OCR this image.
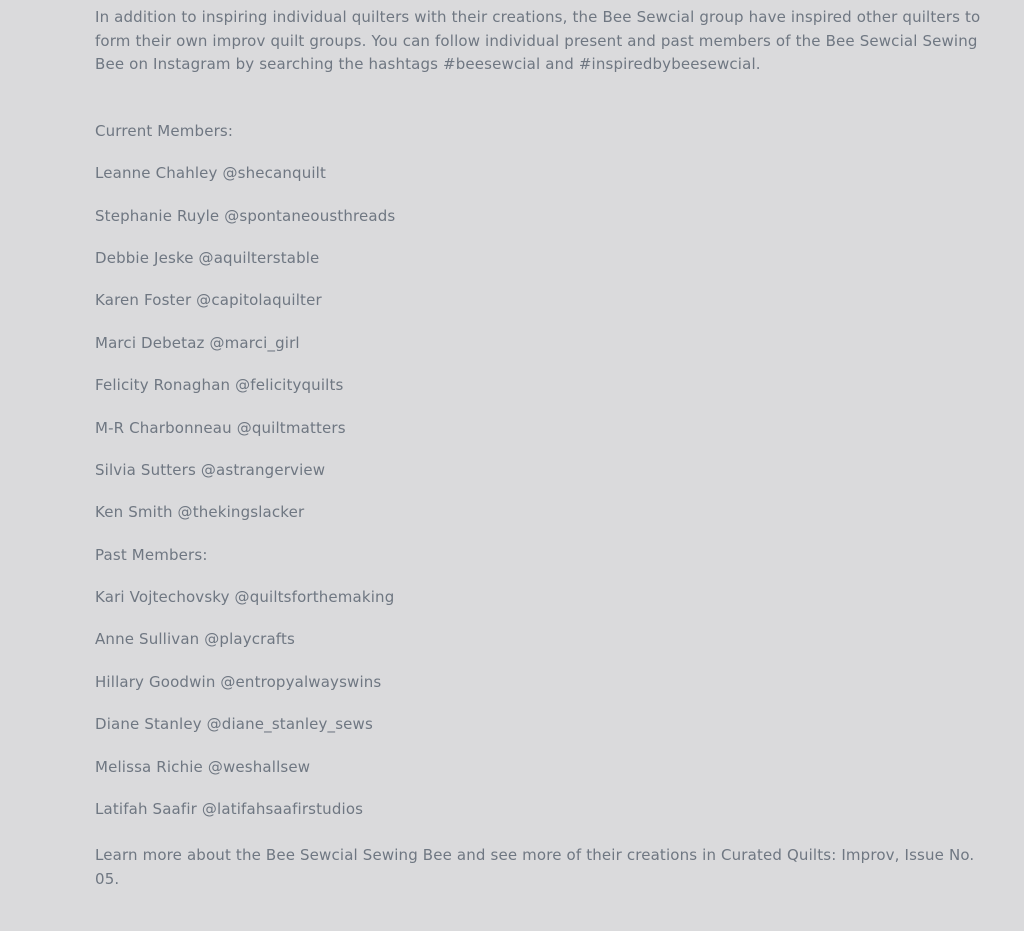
In addition to inspiring individual quilters with their creations, the Bee Sewcial group have inspired other quilters to form their own improv quilt groups. You can follow individual present and past members of the Bee Sewcial Sewing Bee on Instagram by searching the hashtags #beesewcial and #inspiredbybeesewcial.

Current Members:

Leanne Chahley @shecanquilt

Stephanie Ruyle @spontaneousthreads

Debbie Jeske @aquilterstable

Karen Foster @capitolaquilter

Marci Debetaz @marci_girl

Felicity Ronaghan @felicityquilts

M-R Charbonneau @quiltmatters

Silvia Sutters @astrangerview

Ken Smith @thekingslacker

Past Members:

Kari Vojtechovsky @quiltsforthemaking

Anne Sullivan @playcrafts

Hillary Goodwin @entropyalwayswins

Diane Stanley @diane_stanley_sews

Melissa Richie @weshallsew

Latifah Saafir @latifahsaafirstudios

Learn more about the Bee Sewcial Sewing Bee and see more of their creations in Curated Quilts: Improv, Issue No. 05.
